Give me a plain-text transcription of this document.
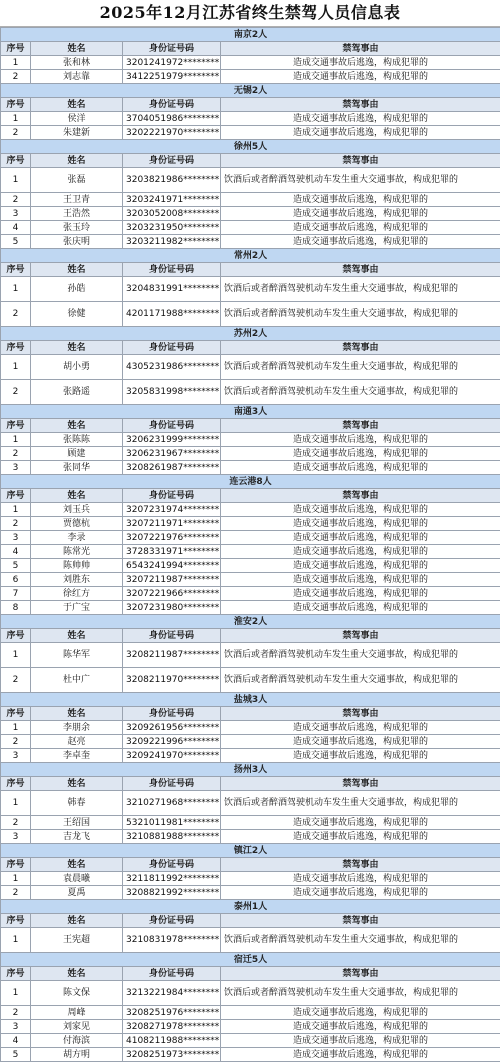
2025年12月江苏省终生禁驾人员信息表
南京2人			
序号	姓名	身份证号码	禁驾事由
1	张和林	3201241972********	造成交通事故后逃逸，构成犯罪的
2	刘志靠	3412251979********	造成交通事故后逃逸，构成犯罪的
无锡2人			
序号	姓名	身份证号码	禁驾事由
1	侯洋	3704051986********	造成交通事故后逃逸，构成犯罪的
2	朱建新	3202221970********	造成交通事故后逃逸，构成犯罪的
徐州5人			
序号	姓名	身份证号码	禁驾事由
1	张磊	3203821986********	饮酒后或者醉酒驾驶机动车发生重大交通事故，构成犯罪的
2	王卫青	3203241971********	造成交通事故后逃逸，构成犯罪的
3	王浩然	3203052008********	造成交通事故后逃逸，构成犯罪的
4	张玉玲	3203231950********	造成交通事故后逃逸，构成犯罪的
5	张庆明	3203211982********	造成交通事故后逃逸，构成犯罪的
常州2人			
序号	姓名	身份证号码	禁驾事由
1	孙皓	3204831991********	饮酒后或者醉酒驾驶机动车发生重大交通事故，构成犯罪的
2	徐健	4201171988********	饮酒后或者醉酒驾驶机动车发生重大交通事故，构成犯罪的
苏州2人			
序号	姓名	身份证号码	禁驾事由
1	胡小勇	4305231986********	饮酒后或者醉酒驾驶机动车发生重大交通事故，构成犯罪的
2	张路遥	3205831998********	饮酒后或者醉酒驾驶机动车发生重大交通事故，构成犯罪的
南通3人			
序号	姓名	身份证号码	禁驾事由
1	张陈陈	3206231999********	造成交通事故后逃逸，构成犯罪的
2	顾建	3206231967********	造成交通事故后逃逸，构成犯罪的
3	张同华	3208261987********	造成交通事故后逃逸，构成犯罪的
连云港8人			
序号	姓名	身份证号码	禁驾事由
1	刘玉兵	3207231974********	造成交通事故后逃逸，构成犯罪的
2	贾德杭	3207211971********	造成交通事故后逃逸，构成犯罪的
3	李录	3207221976********	造成交通事故后逃逸，构成犯罪的
4	陈常光	3728331971********	造成交通事故后逃逸，构成犯罪的
5	陈帅帅	6543241994********	造成交通事故后逃逸，构成犯罪的
6	刘胜东	3207211987********	造成交通事故后逃逸，构成犯罪的
7	徐红方	3207221966********	造成交通事故后逃逸，构成犯罪的
8	于广宝	3207231980********	造成交通事故后逃逸，构成犯罪的
淮安2人			
序号	姓名	身份证号码	禁驾事由
1	陈华军	3208211987********	饮酒后或者醉酒驾驶机动车发生重大交通事故，构成犯罪的
2	杜中广	3208211970********	饮酒后或者醉酒驾驶机动车发生重大交通事故，构成犯罪的
盐城3人			
序号	姓名	身份证号码	禁驾事由
1	李朋余	3209261956********	造成交通事故后逃逸，构成犯罪的
2	赵亮	3209221996********	造成交通事故后逃逸，构成犯罪的
3	李卓奎	3209241970********	造成交通事故后逃逸，构成犯罪的
扬州3人			
序号	姓名	身份证号码	禁驾事由
1	韩春	3210271968********	饮酒后或者醉酒驾驶机动车发生重大交通事故，构成犯罪的
2	王绍国	5321011981********	造成交通事故后逃逸，构成犯罪的
3	吉龙飞	3210881988********	造成交通事故后逃逸，构成犯罪的
镇江2人			
序号	姓名	身份证号码	禁驾事由
1	袁晨曦	3211811992********	造成交通事故后逃逸，构成犯罪的
2	夏禹	3208821992********	造成交通事故后逃逸，构成犯罪的
泰州1人			
序号	姓名	身份证号码	禁驾事由
1	王宪超	3210831978********	饮酒后或者醉酒驾驶机动车发生重大交通事故，构成犯罪的
宿迁5人			
序号	姓名	身份证号码	禁驾事由
1	陈文保	3213221984********	饮酒后或者醉酒驾驶机动车发生重大交通事故，构成犯罪的
2	周峰	3208251976********	造成交通事故后逃逸，构成犯罪的
3	刘家见	3208271978********	造成交通事故后逃逸，构成犯罪的
4	付海滨	4108211988********	造成交通事故后逃逸，构成犯罪的
5	胡方明	3208251973********	造成交通事故后逃逸，构成犯罪的
